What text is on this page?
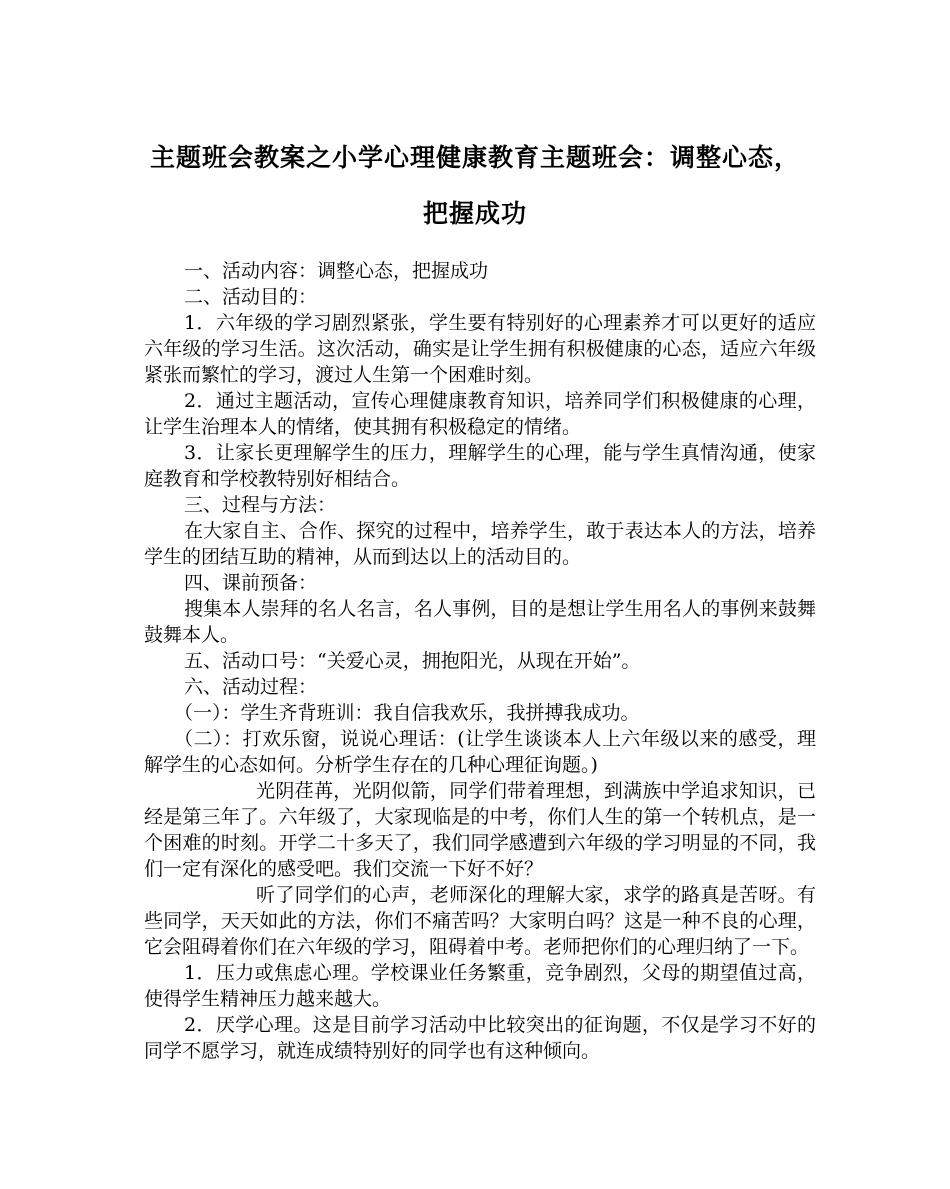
主题班会教案之小学心理健康教育主题班会：调整心态，
把握成功

一、活动内容：调整心态，把握成功

二、活动目的：

1．六年级的学习剧烈紧张，学生要有特别好的心理素养才可以更好的适应六年级的学习生活。这次活动，确实是让学生拥有积极健康的心态，适应六年级紧张而繁忙的学习，渡过人生第一个困难时刻。

2．通过主题活动，宣传心理健康教育知识，培养同学们积极健康的心理，让学生治理本人的情绪，使其拥有积极稳定的情绪。

3．让家长更理解学生的压力，理解学生的心理，能与学生真情沟通，使家庭教育和学校教特别好相结合。

三、过程与方法：

在大家自主、合作、探究的过程中，培养学生，敢于表达本人的方法，培养学生的团结互助的精神，从而到达以上的活动目的。

四、课前预备：

搜集本人崇拜的名人名言，名人事例，目的是想让学生用名人的事例来鼓舞鼓舞本人。

五、活动口号：“关爱心灵，拥抱阳光，从现在开始”。

六、活动过程：

（一）：学生齐背班训：我自信我欢乐，我拼搏我成功。

（二）：打欢乐窗，说说心理话：(让学生谈谈本人上六年级以来的感受，理解学生的心态如何。分析学生存在的几种心理征询题。)

光阴荏苒，光阴似箭，同学们带着理想，到满族中学追求知识，已经是第三年了。六年级了，大家现临是的中考，你们人生的第一个转机点，是一个困难的时刻。开学二十多天了，我们同学感遭到六年级的学习明显的不同，我们一定有深化的感受吧。我们交流一下好不好？

听了同学们的心声，老师深化的理解大家，求学的路真是苦呀。有些同学，天天如此的方法，你们不痛苦吗？大家明白吗？这是一种不良的心理，它会阻碍着你们在六年级的学习，阻碍着中考。老师把你们的心理归纳了一下。

1．压力或焦虑心理。学校课业任务繁重，竞争剧烈，父母的期望值过高，使得学生精神压力越来越大。

2．厌学心理。这是目前学习活动中比较突出的征询题，不仅是学习不好的同学不愿学习，就连成绩特别好的同学也有这种倾向。
